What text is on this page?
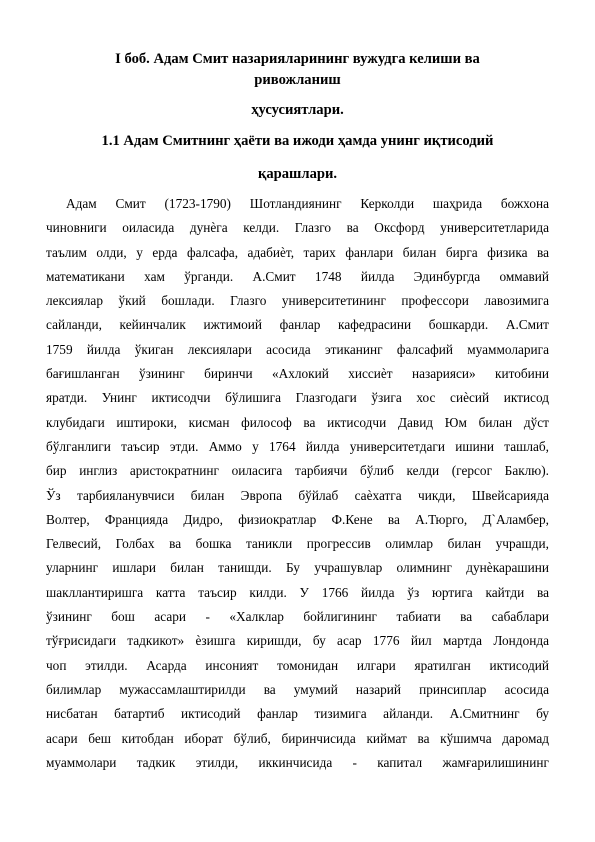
I боб. Адам Смит назарияларининг вужудга келиши ва
ривожланиш
ҳусусиятлари.
1.1 Адам Смитнинг ҳаёти ва ижоди ҳамда унинг иқтисодий
қарашлари.
Адам Смит (1723-1790) Шотландиянинг Керколди шаҳрида божхона
чиновниги оиласида дунѐга келди. Глазго ва Оксфорд университетларида
таълим олди, у ерда фалсафа, адабиѐт, тарих фанлари билан бирга физика ва
математикани хам ўрганди. А.Смит 1748 йилда Эдинбургда оммавий
лексиялар ўкий бошлади. Глазго университетининг профессори лавозимига
сайланди, кейинчалик ижтимоий фанлар кафедрасини бошкарди. А.Смит
1759 йилда ўкиган лексиялари асосида этиканинг фалсафий муаммоларига
бағишланган ўзининг биринчи «Ахлокий хиссиѐт назарияси» китобини
яратди. Унинг иктисодчи бўлишига Глазгодаги ўзига хос сиѐсий иктисод
клубидаги иштироки, кисман философ ва иктисодчи Давид Юм билан дўст
бўлганлиги таъсир этди. Аммо у 1764 йилда университетдаги ишини ташлаб,
бир инглиз аристократнинг оиласига тарбиячи бўлиб келди (герсог Баклю).
Ўз тарбияланувчиси билан Эвропа бўйлаб саѐхатга чикди, Швейсарияда
Волтер, Францияда Дидро, физиократлар Ф.Кене ва А.Тюрго, Д`Аламбер,
Гелвесий, Голбах ва бошка таникли прогрессив олимлар билан учрашди,
уларнинг ишлари билан танишди. Бу учрашувлар олимнинг дунѐкарашини
шакллантиришга катта таъсир килди. У 1766 йилда ўз юртига кайтди ва
ўзининг бош асари - «Халклар бойлигининг табиати ва сабаблари
тўғрисидаги тадкикот» ѐзишга киришди, бу асар 1776 йил мартда Лондонда
чоп этилди. Асарда инсоният томонидан илгари яратилган иктисодий
билимлар мужассамлаштирилди ва умумий назарий принсиплар асосида
нисбатан батартиб иктисодий фанлар тизимига айланди. А.Смитнинг бу
асари беш китобдан иборат бўлиб, биринчисида киймат ва кўшимча даромад
муаммолари тадкик этилди, иккинчисида - капитал жамғарилишининг
